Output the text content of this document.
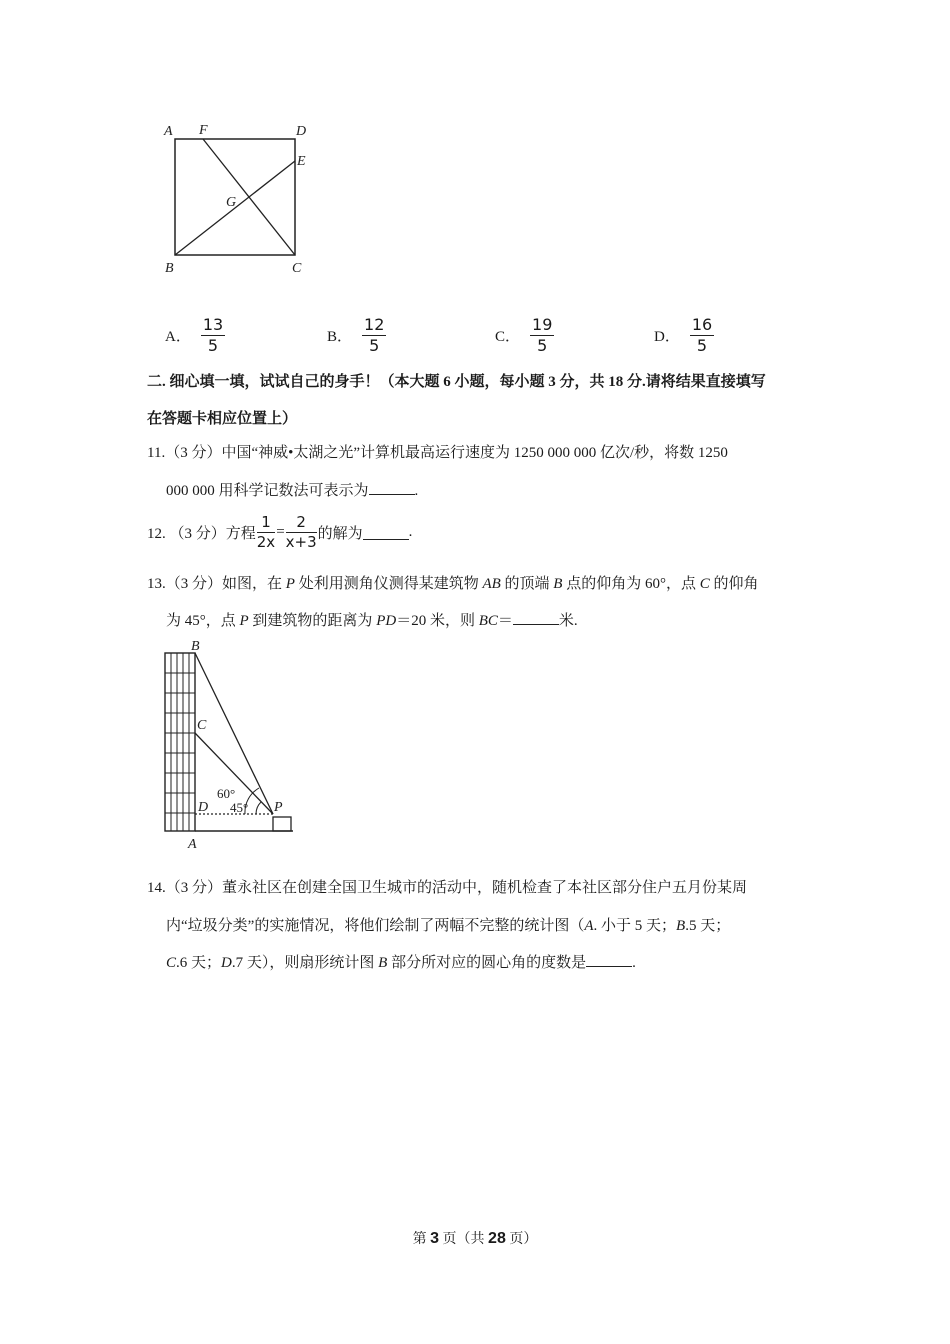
A F	D
E
G
B	C
A． $\frac{13}{5}$	B． $\frac{12}{5}$	C． $\frac{19}{5}$	D． $\frac{16}{5}$
二. 细心填一填，试试自己的身手！（本大题 6 小题，每小题 3 分，共 18 分.请将结果直接填写
在答题卡相应位置上）
11.（3 分）中国“神威•太湖之光”计算机最高运行速度为 1250 000 000 亿次/秒，将数 1250
000 000 用科学记数法可表示为	.
12. （3 分）方程 $\frac{1}{2x} = \frac{2}{x+3}$ 的解为	.
13.（3 分）如图，在 P 处利用测角仪测得某建筑物 AB 的顶端 B 点的仰角为 60°，点 C 的仰角
为 45°，点 P 到建筑物的距离为 PD＝20 米，则 BC＝	米.
B
C
D
A
P
60°
45°
14.（3 分）董永社区在创建全国卫生城市的活动中，随机检查了本社区部分住户五月份某周
内“垃圾分类”的实施情况，将他们绘制了两幅不完整的统计图（A. 小于 5 天；B.5 天；
C.6 天；D.7 天），则扇形统计图 B 部分所对应的圆心角的度数是	.
第 3 页（共 28 页）
